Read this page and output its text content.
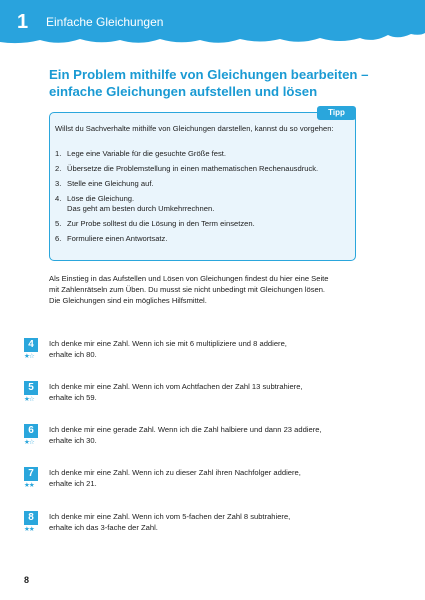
1 Einfache Gleichungen
Ein Problem mithilfe von Gleichungen bearbeiten –
einfache Gleichungen aufstellen und lösen
Tipp
Willst du Sachverhalte mithilfe von Gleichungen darstellen, kannst du so vorgehen:
1. Lege eine Variable für die gesuchte Größe fest.
2. Übersetze die Problemstellung in einen mathematischen Rechenausdruck.
3. Stelle eine Gleichung auf.
4. Löse die Gleichung.
Das geht am besten durch Umkehrrechnen.
5. Zur Probe solltest du die Lösung in den Term einsetzen.
6. Formuliere einen Antwortsatz.
Als Einstieg in das Aufstellen und Lösen von Gleichungen findest du hier eine Seite
mit Zahlenrätseln zum Üben. Du musst sie nicht unbedingt mit Gleichungen lösen.
Die Gleichungen sind ein mögliches Hilfsmittel.
4
★☆
Ich denke mir eine Zahl. Wenn ich sie mit 6 multipliziere und 8 addiere,
erhalte ich 80.
5
★☆
Ich denke mir eine Zahl. Wenn ich vom Achtfachen der Zahl 13 subtrahiere,
erhalte ich 59.
6
★☆
Ich denke mir eine gerade Zahl. Wenn ich die Zahl halbiere und dann 23 addiere,
erhalte ich 30.
7
★★
Ich denke mir eine Zahl. Wenn ich zu dieser Zahl ihren Nachfolger addiere,
erhalte ich 21.
8
★★
Ich denke mir eine Zahl. Wenn ich vom 5-fachen der Zahl 8 subtrahiere,
erhalte ich das 3-fache der Zahl.
8
